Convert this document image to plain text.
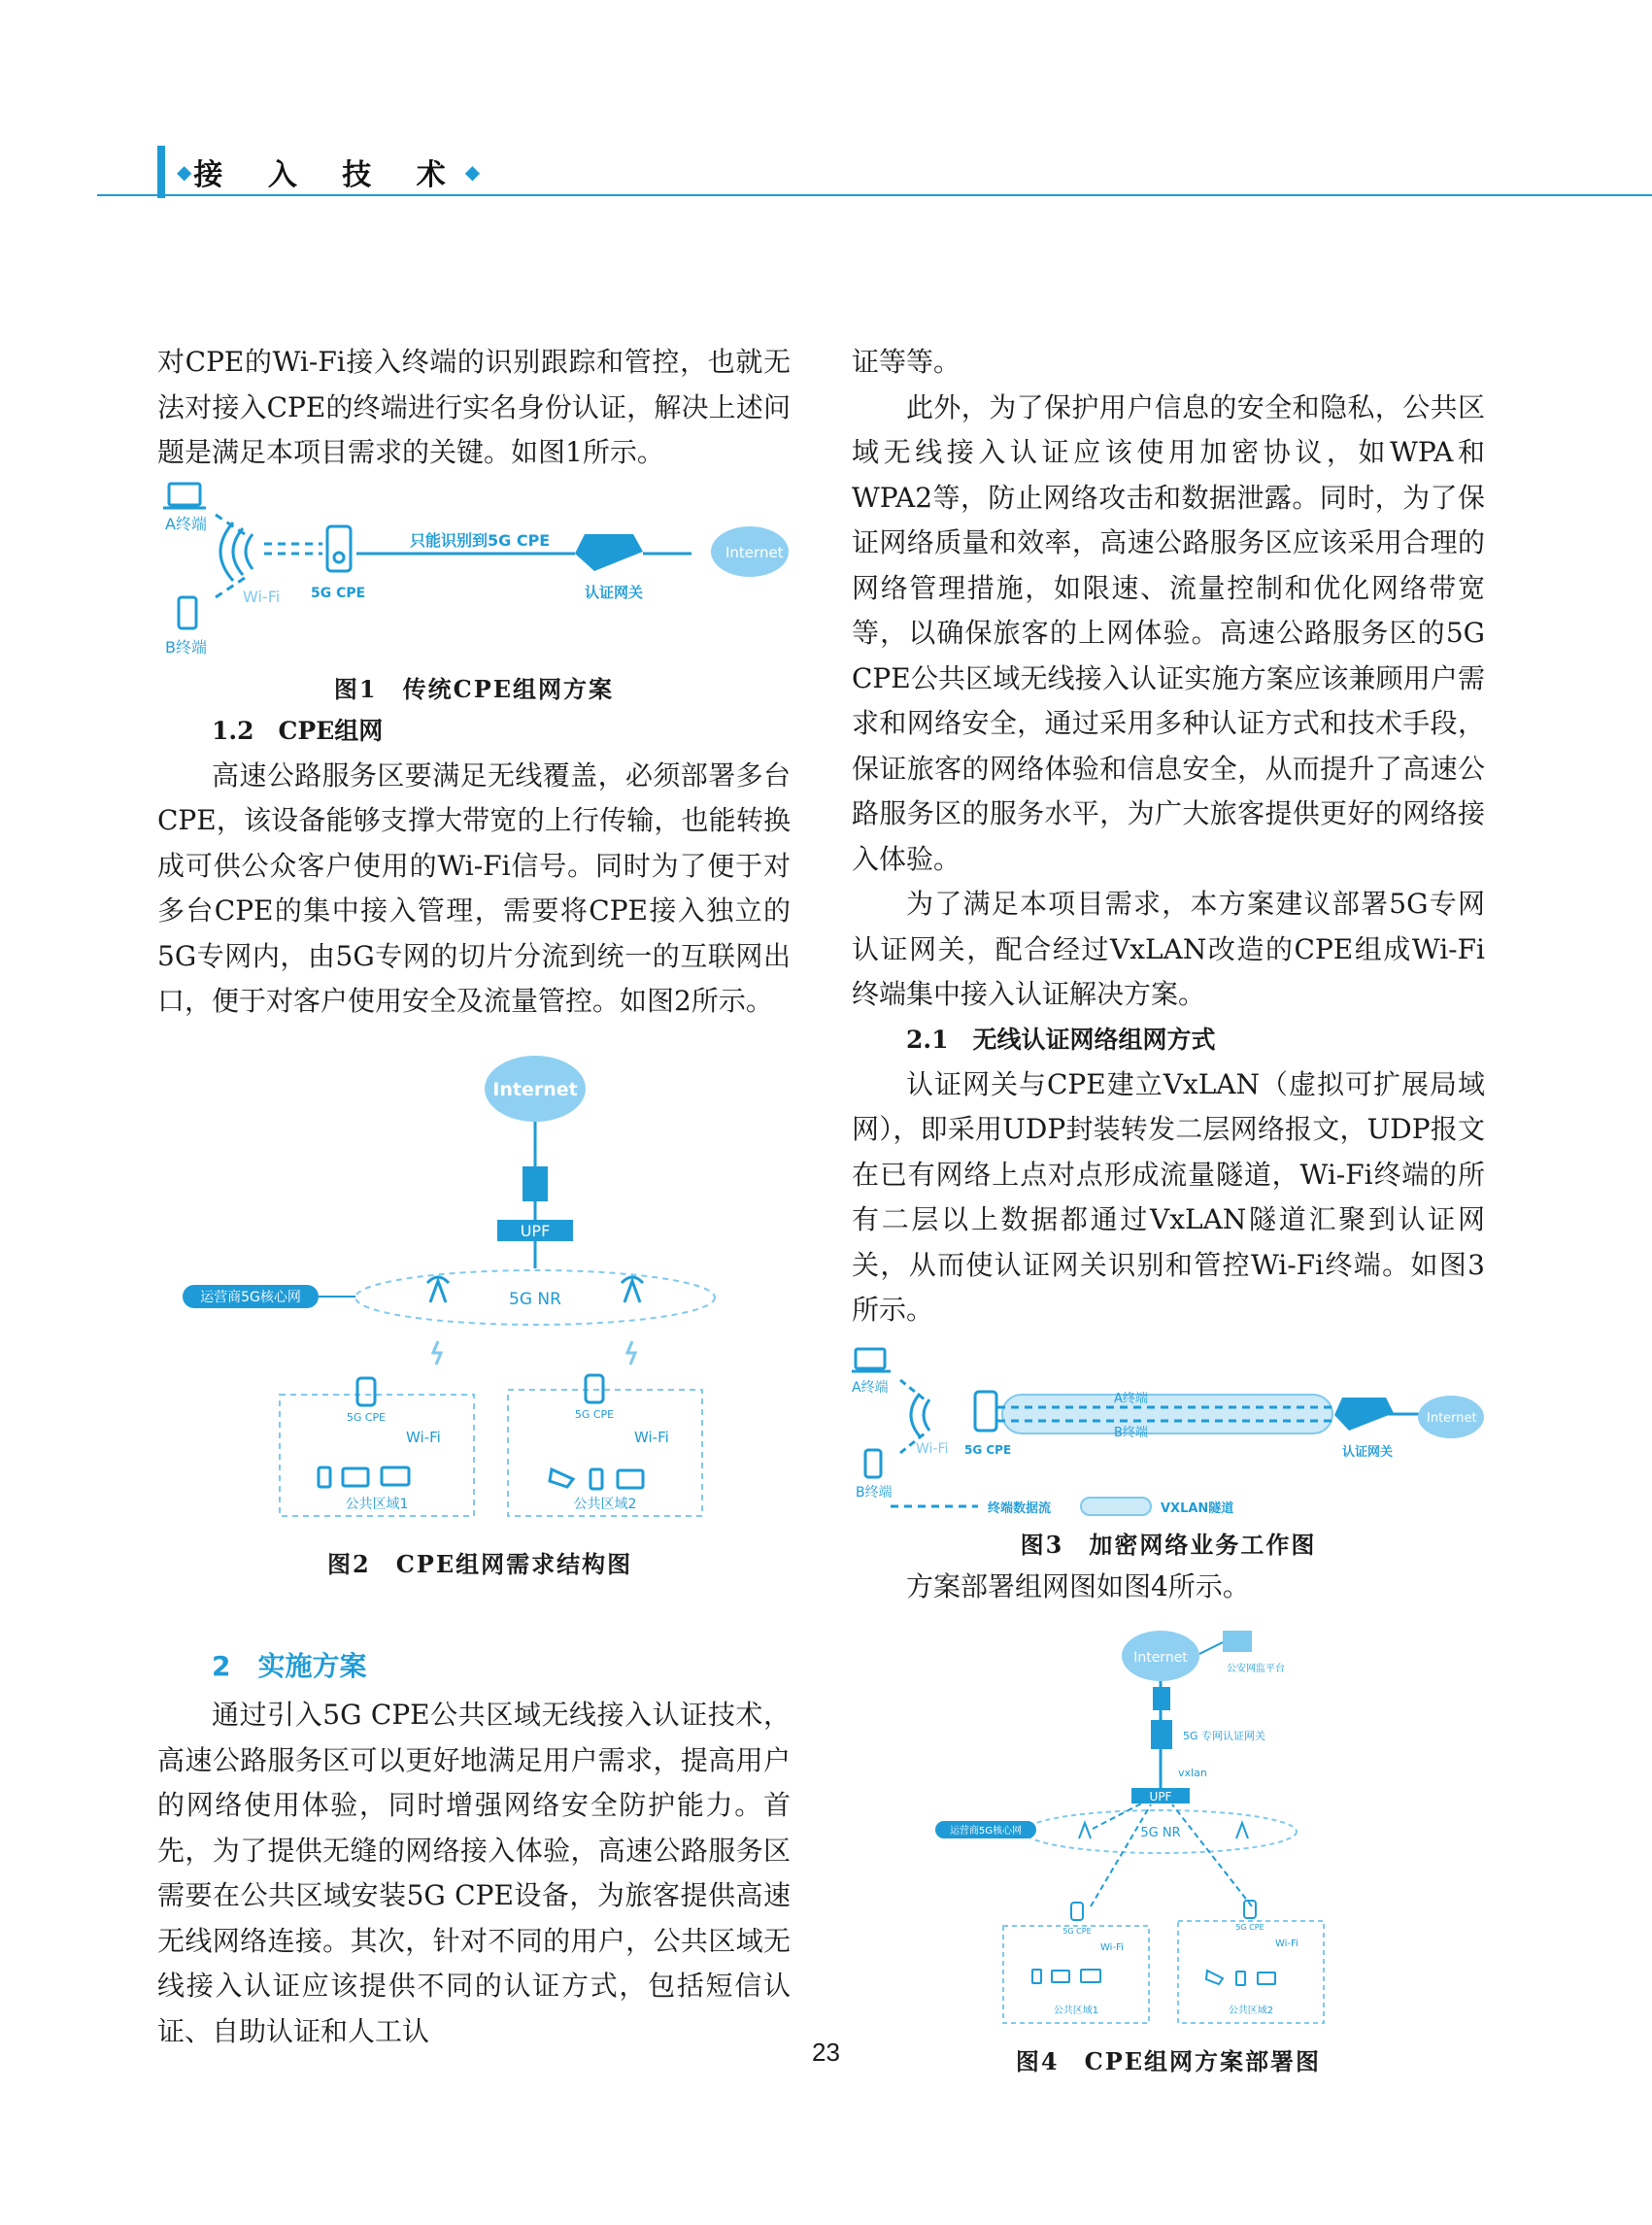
◆ 接 入 技 术 ◆

对CPE的Wi-Fi接入终端的识别跟踪和管控，也就无法对接入CPE的终端进行实名身份认证，解决上述问题是满足本项目需求的关键。如图1所示。

A终端
B终端
Wi-Fi 5G CPE
只能识别到5G CPE
认证网关
Internet
图1　传统CPE组网方案

1.2　CPE组网

高速公路服务区要满足无线覆盖，必须部署多台CPE，该设备能够支撑大带宽的上行传输，也能转换成可供公众客户使用的Wi-Fi信号。同时为了便于对多台CPE的集中接入管理，需要将CPE接入独立的5G专网内，由5G专网的切片分流到统一的互联网出口，便于对客户使用安全及流量管控。如图2所示。

Internet
UPF
5G NR
运营商5G核心网
5G CPE	5G CPE
Wi-Fi	Wi-Fi
公共区域1	公共区域2
图2　CPE组网需求结构图
2　实施方案

通过引入5G CPE公共区域无线接入认证技术，高速公路服务区可以更好地满足用户需求，提高用户的网络使用体验，同时增强网络安全防护能力。首先，为了提供无缝的网络接入体验，高速公路服务区需要在公共区域安装5G CPE设备，为旅客提供高速无线网络连接。其次，针对不同的用户，公共区域无线接入认证应该提供不同的认证方式，包括短信认证、自助认证和人工认

证等等。

此外，为了保护用户信息的安全和隐私，公共区域无线接入认证应该使用加密协议，如WPA和WPA2等，防止网络攻击和数据泄露。同时，为了保证网络质量和效率，高速公路服务区应该采用合理的网络管理措施，如限速、流量控制和优化网络带宽等，以确保旅客的上网体验。高速公路服务区的5G CPE公共区域无线接入认证实施方案应该兼顾用户需求和网络安全，通过采用多种认证方式和技术手段，保证旅客的网络体验和信息安全，从而提升了高速公路服务区的服务水平，为广大旅客提供更好的网络接入体验。

为了满足本项目需求，本方案建议部署5G专网认证网关，配合经过VxLAN改造的CPE组成Wi-Fi终端集中接入认证解决方案。

2.1　无线认证网络组网方式

认证网关与CPE建立VxLAN（虚拟可扩展局域网），即采用UDP封装转发二层网络报文，UDP报文在已有网络上点对点形成流量隧道，Wi-Fi终端的所有二层以上数据都通过VxLAN隧道汇聚到认证网关，从而使认证网关识别和管控Wi-Fi终端。如图3所示。

A终端
B终端
Wi-Fi 5G CPE
A终端
B终端
认证网关
Internet
终端数据流	VXLAN隧道
图3　加密网络业务工作图

方案部署组网图如图4所示。

Internet
公安网监平台
5G 专网认证网关
vxlan
UPF
5G NR
运营商5G核心网
5G CPE	5G CPE
Wi-Fi	Wi-Fi
公共区域1	公共区域2
图4　CPE组网方案部署图
23
